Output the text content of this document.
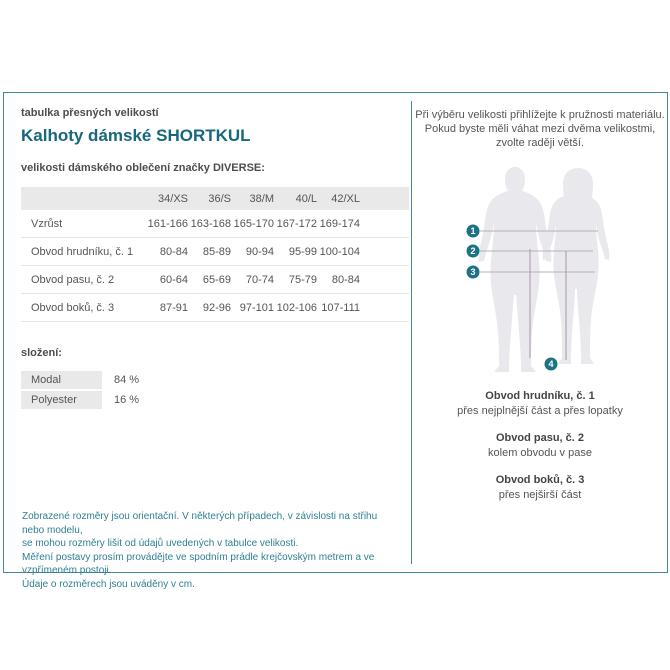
tabulka přesných velikostí
Kalhoty dámské SHORTKUL
velikosti dámského oblečení značky DIVERSE:
	34/XS	36/S	38/M	40/L	42/XL	
Vzrůst	161-166	163-168	165-170	167-172	169-174	
Obvod hrudníku, č. 1	80-84	85-89	90-94	95-99	100-104	
Obvod pasu, č. 2	60-64	65-69	70-74	75-79	80-84	
Obvod boků, č. 3	87-91	92-96	97-101	102-106	107-111	
složení:
Modal	84 %
Polyester	16 %
Zobrazené rozměry jsou orientační. V některých případech, v závislosti na střihu nebo modelu,
se mohou rozměry lišit od údajů uvedených v tabulce velikosti.
Měření postavy prosím provádějte ve spodním prádle krejčovským metrem a ve vzpřímeném postoji.
Údaje o rozměrech jsou uváděny v cm.
Při výběru velikosti přihlížejte k pružnosti materiálu.
Pokud byste měli váhat mezi dvěma velikostmi,
zvolte raději větší.
1
2
3
4
Obvod hrudníku, č. 1
přes nejplnější část a přes lopatky
Obvod pasu, č. 2
kolem obvodu v pase
Obvod boků, č. 3
přes nejširší část
